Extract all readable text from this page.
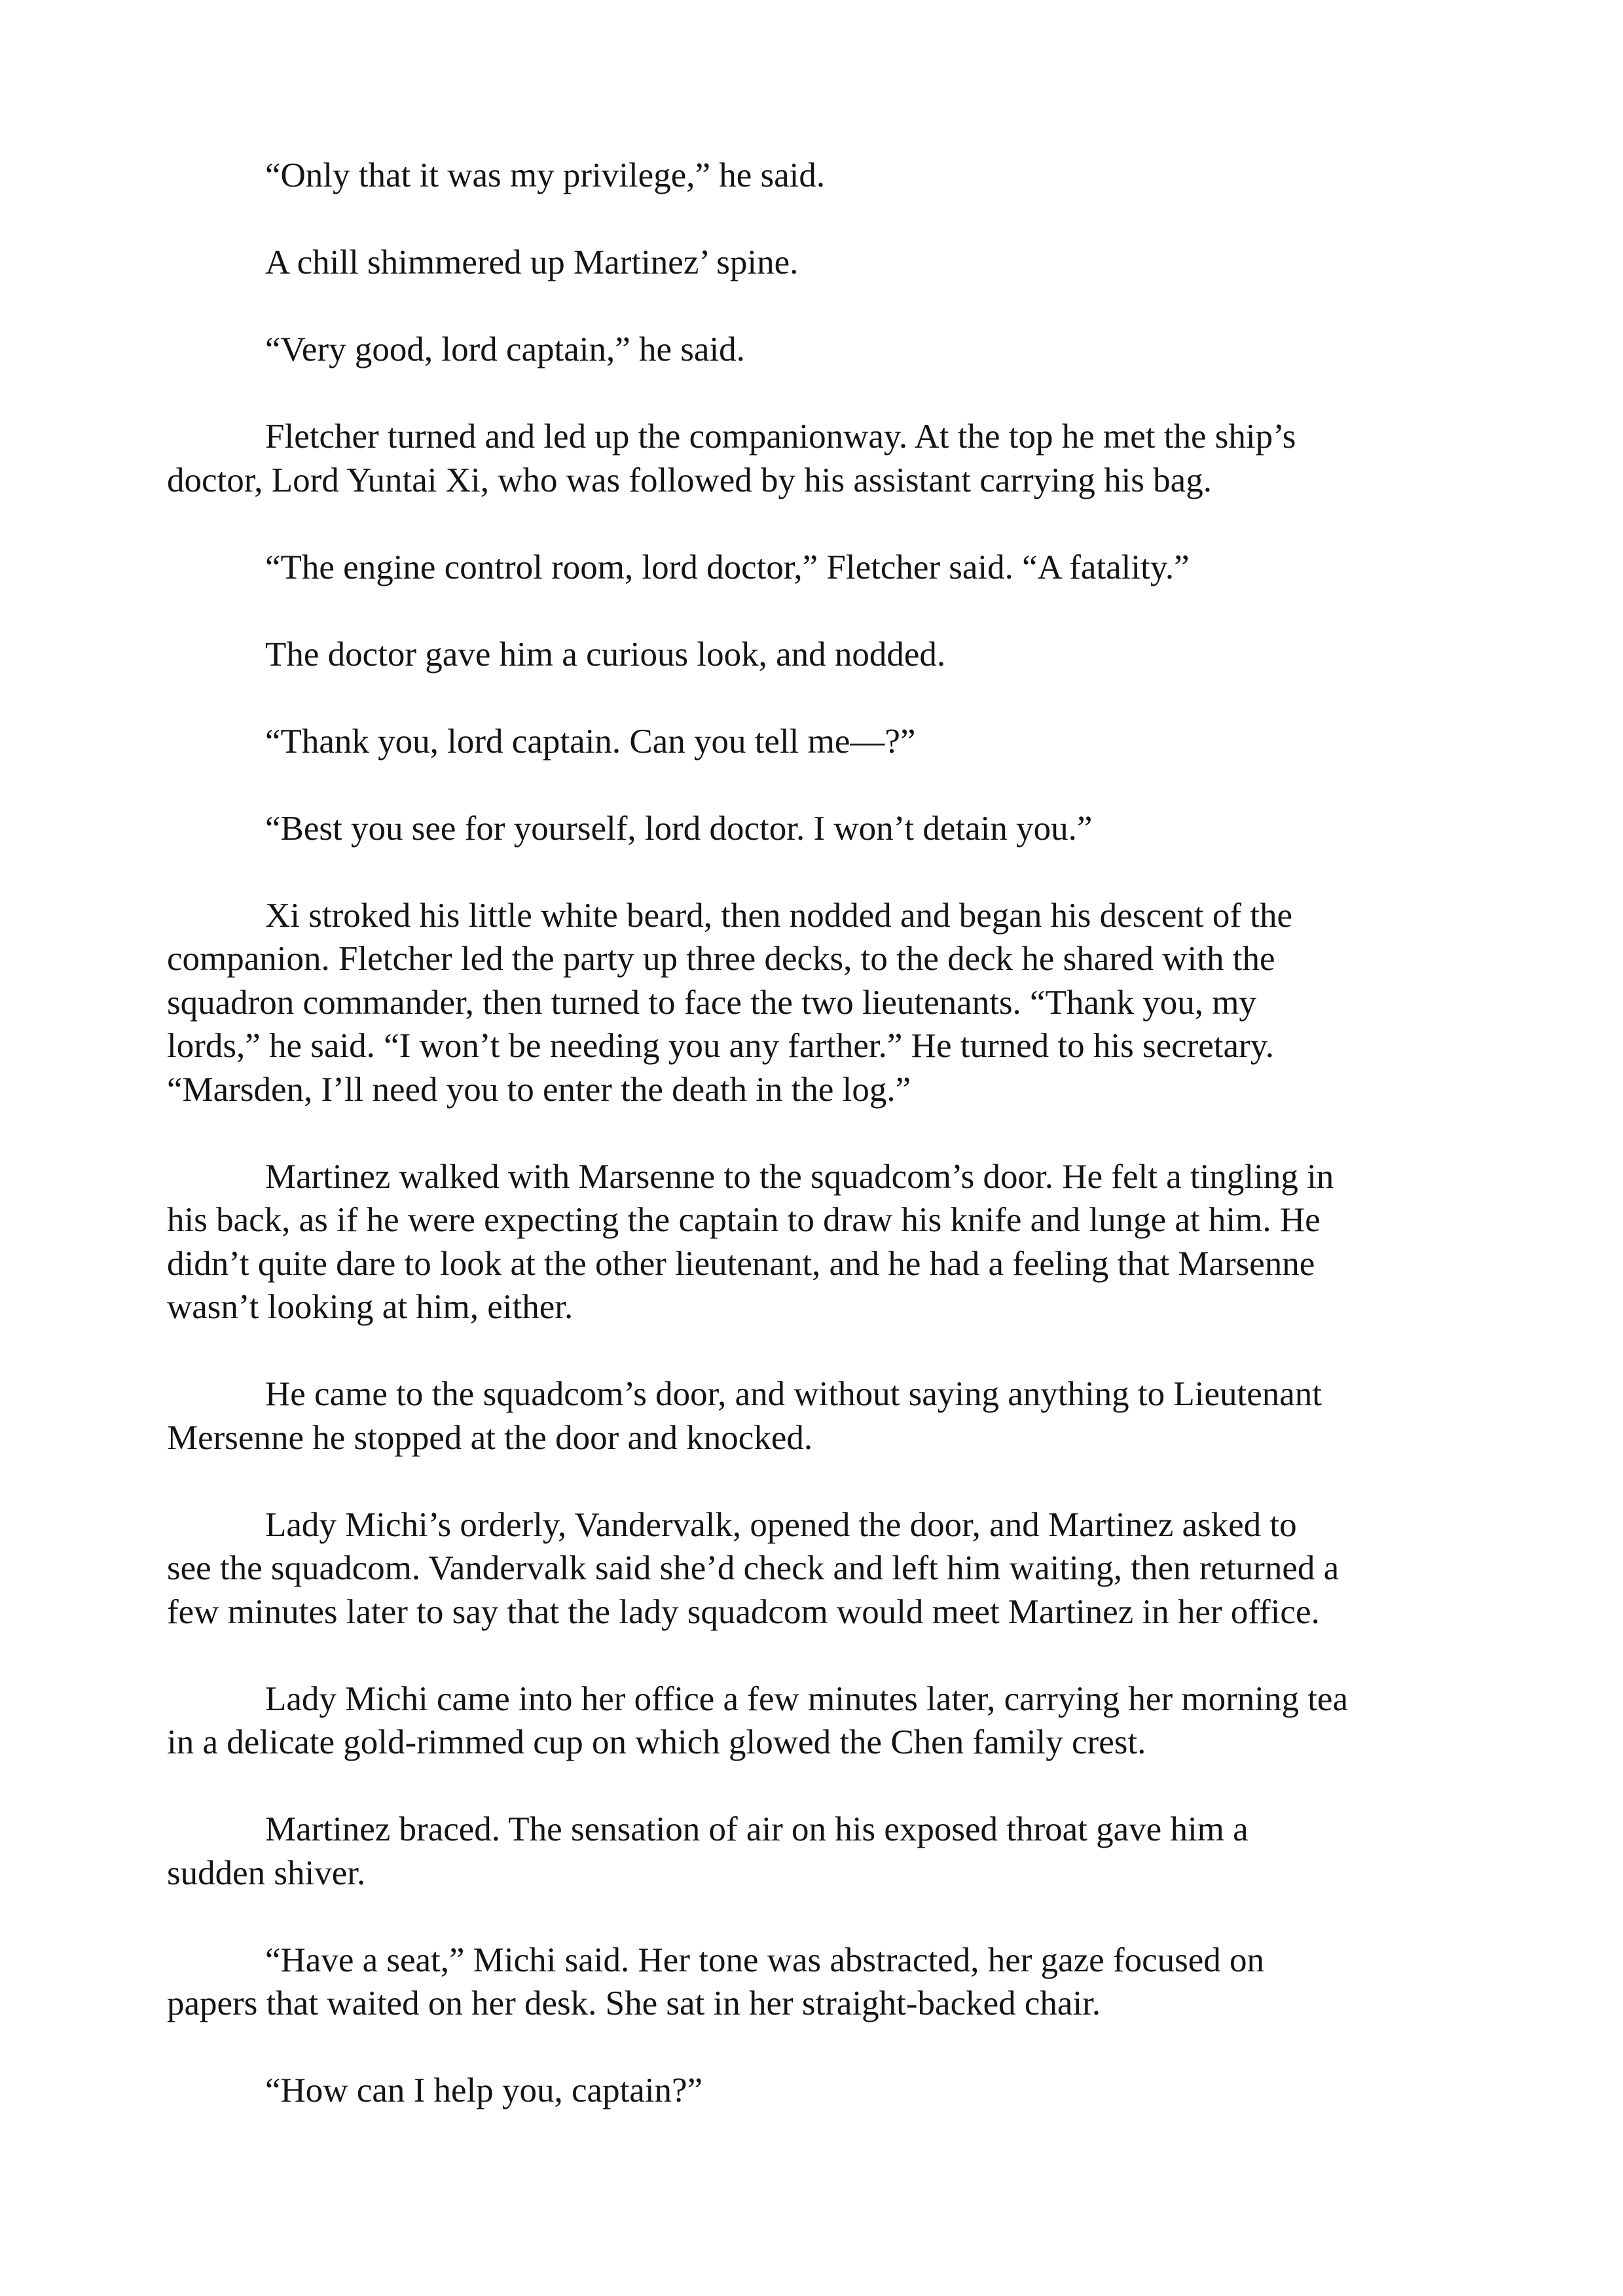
“Only that it was my privilege,” he said.
A chill shimmered up Martinez’ spine.
“Very good, lord captain,” he said.
Fletcher turned and led up the companionway. At the top he met the ship’s
doctor, Lord Yuntai Xi, who was followed by his assistant carrying his bag.
“The engine control room, lord doctor,” Fletcher said. “A fatality.”
The doctor gave him a curious look, and nodded.
“Thank you, lord captain. Can you tell me—?”
“Best you see for yourself, lord doctor. I won’t detain you.”
Xi stroked his little white beard, then nodded and began his descent of the
companion. Fletcher led the party up three decks, to the deck he shared with the
squadron commander, then turned to face the two lieutenants. “Thank you, my
lords,” he said. “I won’t be needing you any farther.” He turned to his secretary.
“Marsden, I’ll need you to enter the death in the log.”
Martinez walked with Marsenne to the squadcom’s door. He felt a tingling in
his back, as if he were expecting the captain to draw his knife and lunge at him. He
didn’t quite dare to look at the other lieutenant, and he had a feeling that Marsenne
wasn’t looking at him, either.
He came to the squadcom’s door, and without saying anything to Lieutenant
Mersenne he stopped at the door and knocked.
Lady Michi’s orderly, Vandervalk, opened the door, and Martinez asked to
see the squadcom. Vandervalk said she’d check and left him waiting, then returned a
few minutes later to say that the lady squadcom would meet Martinez in her office.
Lady Michi came into her office a few minutes later, carrying her morning tea
in a delicate gold-rimmed cup on which glowed the Chen family crest.
Martinez braced. The sensation of air on his exposed throat gave him a
sudden shiver.
“Have a seat,” Michi said. Her tone was abstracted, her gaze focused on
papers that waited on her desk. She sat in her straight-backed chair.
“How can I help you, captain?”
